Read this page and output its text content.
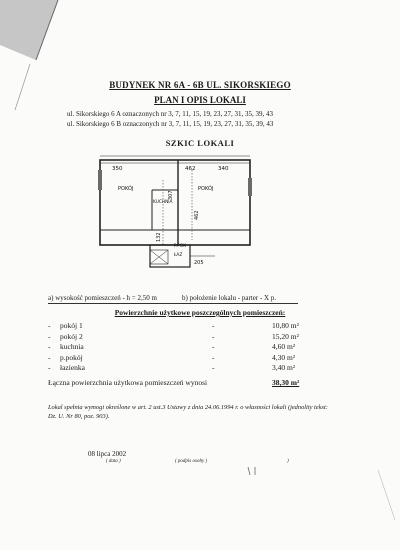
BUDYNEK NR 6A - 6B UL. SIKORSKIEGO
PLAN I OPIS LOKALI
ul. Sikorskiego 6 A oznaczonych nr 3, 7, 11, 15, 19, 23, 27, 31, 35, 39, 43
ul. Sikorskiego 6 B oznaczonych nr 3, 7, 11, 15, 19, 23, 27, 31, 35, 39, 43
SZKIC LOKALI
350	462	340
POKÓJ	POKÓJ
KUCHNIA
307
462
132
P.POK
ŁAZ
205
a) wysokość pomieszczeń - h = 2,50 m	b) położenie lokalu - parter - X p.
Powierzchnie użytkowe poszczególnych pomieszczeń:
- pokój 1	-	10,80 m²
- pokój 2	-	15,20 m²
- kuchnia	-	4,60 m²
- p.pokój	-	4,30 m²
- łazienka	-	3,40 m²
Łączna powierzchnia użytkowa pomieszczeń wynosi	38,30 m²
Lokal spełnia wymogi określone w art. 2 ust.3 Ustawy z dnia 24.06.1994 r. o własności lokali (jednolity tekst: Dz. U. Nr 80, poz. 903).
08 lipca 2002
( data )	( podpis osoby )	)
